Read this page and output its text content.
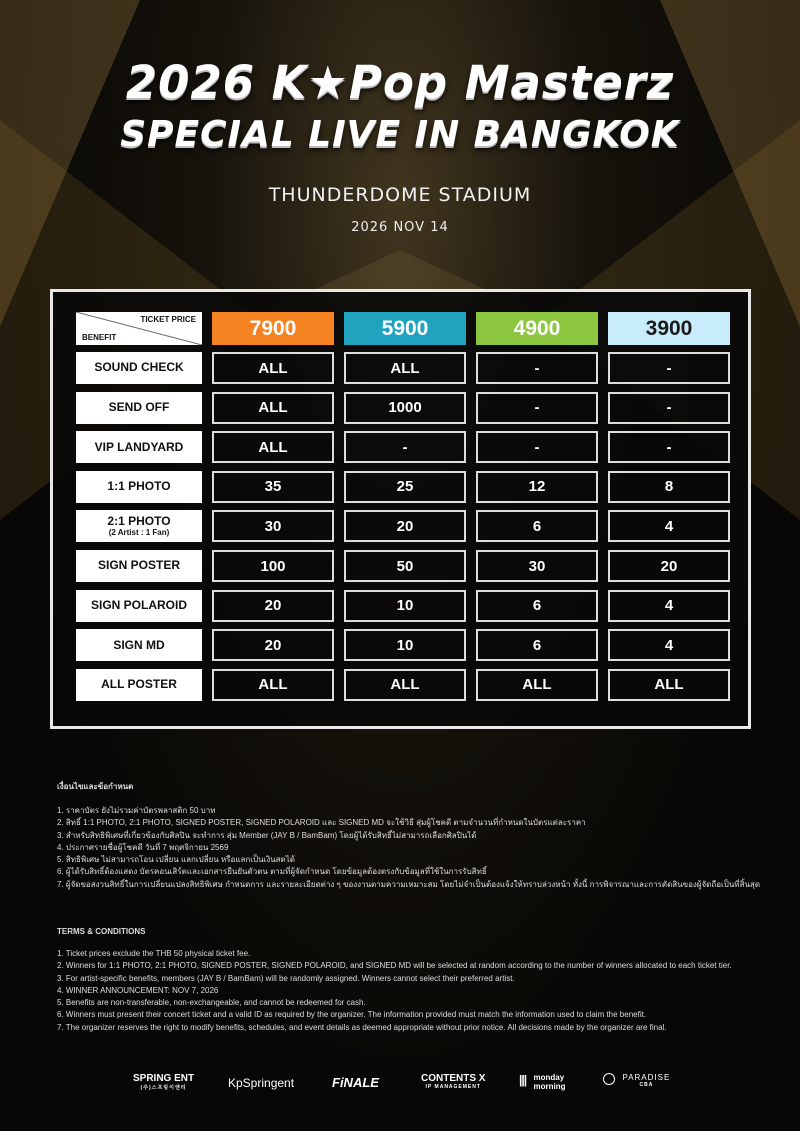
2026 K★Pop Masterz
SPECIAL LIVE IN BANGKOK
THUNDERDOME STADIUM
2026 NOV 14
TICKET PRICE
BENEFIT	7900	5900	4900	3900
SOUND CHECK	ALL	ALL	-	-
SEND OFF	ALL	1000	-	-
VIP LANDYARD	ALL	-	-	-
1:1 PHOTO	35	25	12	8
2:1 PHOTO
(2 Artist : 1 Fan)	30	20	6	4
SIGN POSTER	100	50	30	20
SIGN POLAROID	20	10	6	4
SIGN MD	20	10	6	4
ALL POSTER	ALL	ALL	ALL	ALL
เงื่อนไขและข้อกำหนด
1. ราคาบัตร ยังไม่รวมค่าบัตรพลาสติก 50 บาท
2. สิทธิ์ 1:1 PHOTO, 2:1 PHOTO, SIGNED POSTER, SIGNED POLAROID และ SIGNED MD จะใช้วิธี สุ่มผู้โชคดี ตามจำนวนที่กำหนดในบัตรแต่ละราคา
3. สำหรับสิทธิพิเศษที่เกี่ยวข้องกับศิลปิน จะทำการ สุ่ม Member (JAY B / BamBam) โดยผู้ได้รับสิทธิ์ไม่สามารถเลือกศิลปินได้
4. ประกาศรายชื่อผู้โชคดี วันที่ 7 พฤศจิกายน 2569
5. สิทธิพิเศษ ไม่สามารถโอน เปลี่ยน แลกเปลี่ยน หรือแลกเป็นเงินสดได้
6. ผู้ได้รับสิทธิ์ต้องแสดง บัตรคอนเสิร์ตและเอกสารยืนยันตัวตน ตามที่ผู้จัดกำหนด โดยข้อมูลต้องตรงกับข้อมูลที่ใช้ในการรับสิทธิ์
7. ผู้จัดขอสงวนสิทธิ์ในการเปลี่ยนแปลงสิทธิพิเศษ กำหนดการ และรายละเอียดต่าง ๆ ของงานตามความเหมาะสม โดยไม่จำเป็นต้องแจ้งให้ทราบล่วงหน้า ทั้งนี้ การพิจารณาและการตัดสินของผู้จัดถือเป็นที่สิ้นสุด
TERMS & CONDITIONS
1. Ticket prices exclude the THB 50 physical ticket fee.
2. Winners for 1:1 PHOTO, 2:1 PHOTO, SIGNED POSTER, SIGNED POLAROID, and SIGNED MD will be selected at random according to the number of winners allocated to each ticket tier.
3. For artist-specific benefits, members (JAY B / BamBam) will be randomly assigned. Winners cannot select their preferred artist.
4. WINNER ANNOUNCEMENT: NOV 7, 2026
5. Benefits are non-transferable, non-exchangeable, and cannot be redeemed for cash.
6. Winners must present their concert ticket and a valid ID as required by the organizer. The information provided must match the information used to claim the benefit.
7. The organizer reserves the right to modify benefits, schedules, and event details as deemed appropriate without prior notice. All decisions made by the organizer are final.
SPRING ENT
(주)스프링이엔티	KpSpringent	FiNALE	CONTENTS X
IP MANAGEMENT	||| monday
morning

PARADISE
CBA
